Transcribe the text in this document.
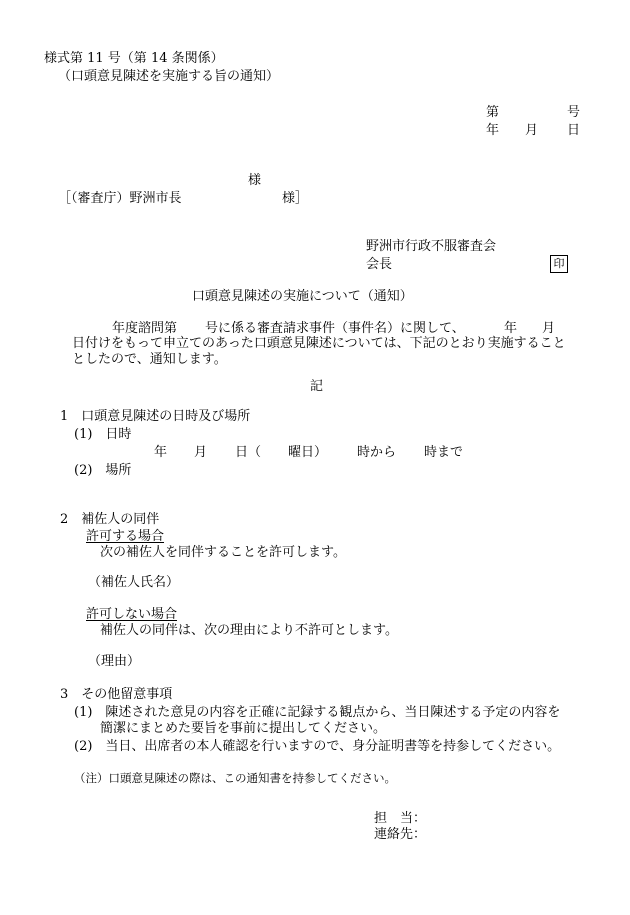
様式第 11 号（第 14 条関係）
（口頭意見陳述を実施する旨の通知）
第	号
年 月 日
様
［（審査庁）野洲市長	様］
野洲市行政不服審査会
会長	印
口頭意見陳述の実施について（通知）
年度諮問第 号に係る審査請求事件（事件名）に関して、	年 月
日付けをもって申立てのあった口頭意見陳述については、下記のとおり実施すること
としたので、通知します。
記
1　口頭意見陳述の日時及び場所
(1)　日時
年 月 日（ 曜日） 時から 時まで
(2)　場所
2　補佐人の同伴
許可する場合
次の補佐人を同伴することを許可します。
（補佐人氏名）
許可しない場合
補佐人の同伴は、次の理由により不許可とします。
（理由）
3　その他留意事項
(1)　陳述された意見の内容を正確に記録する観点から、当日陳述する予定の内容を
簡潔にまとめた要旨を事前に提出してください。
(2)　当日、出席者の本人確認を行いますので、身分証明書等を持参してください。
（注）口頭意見陳述の際は、この通知書を持参してください。
担　当：
連絡先：
